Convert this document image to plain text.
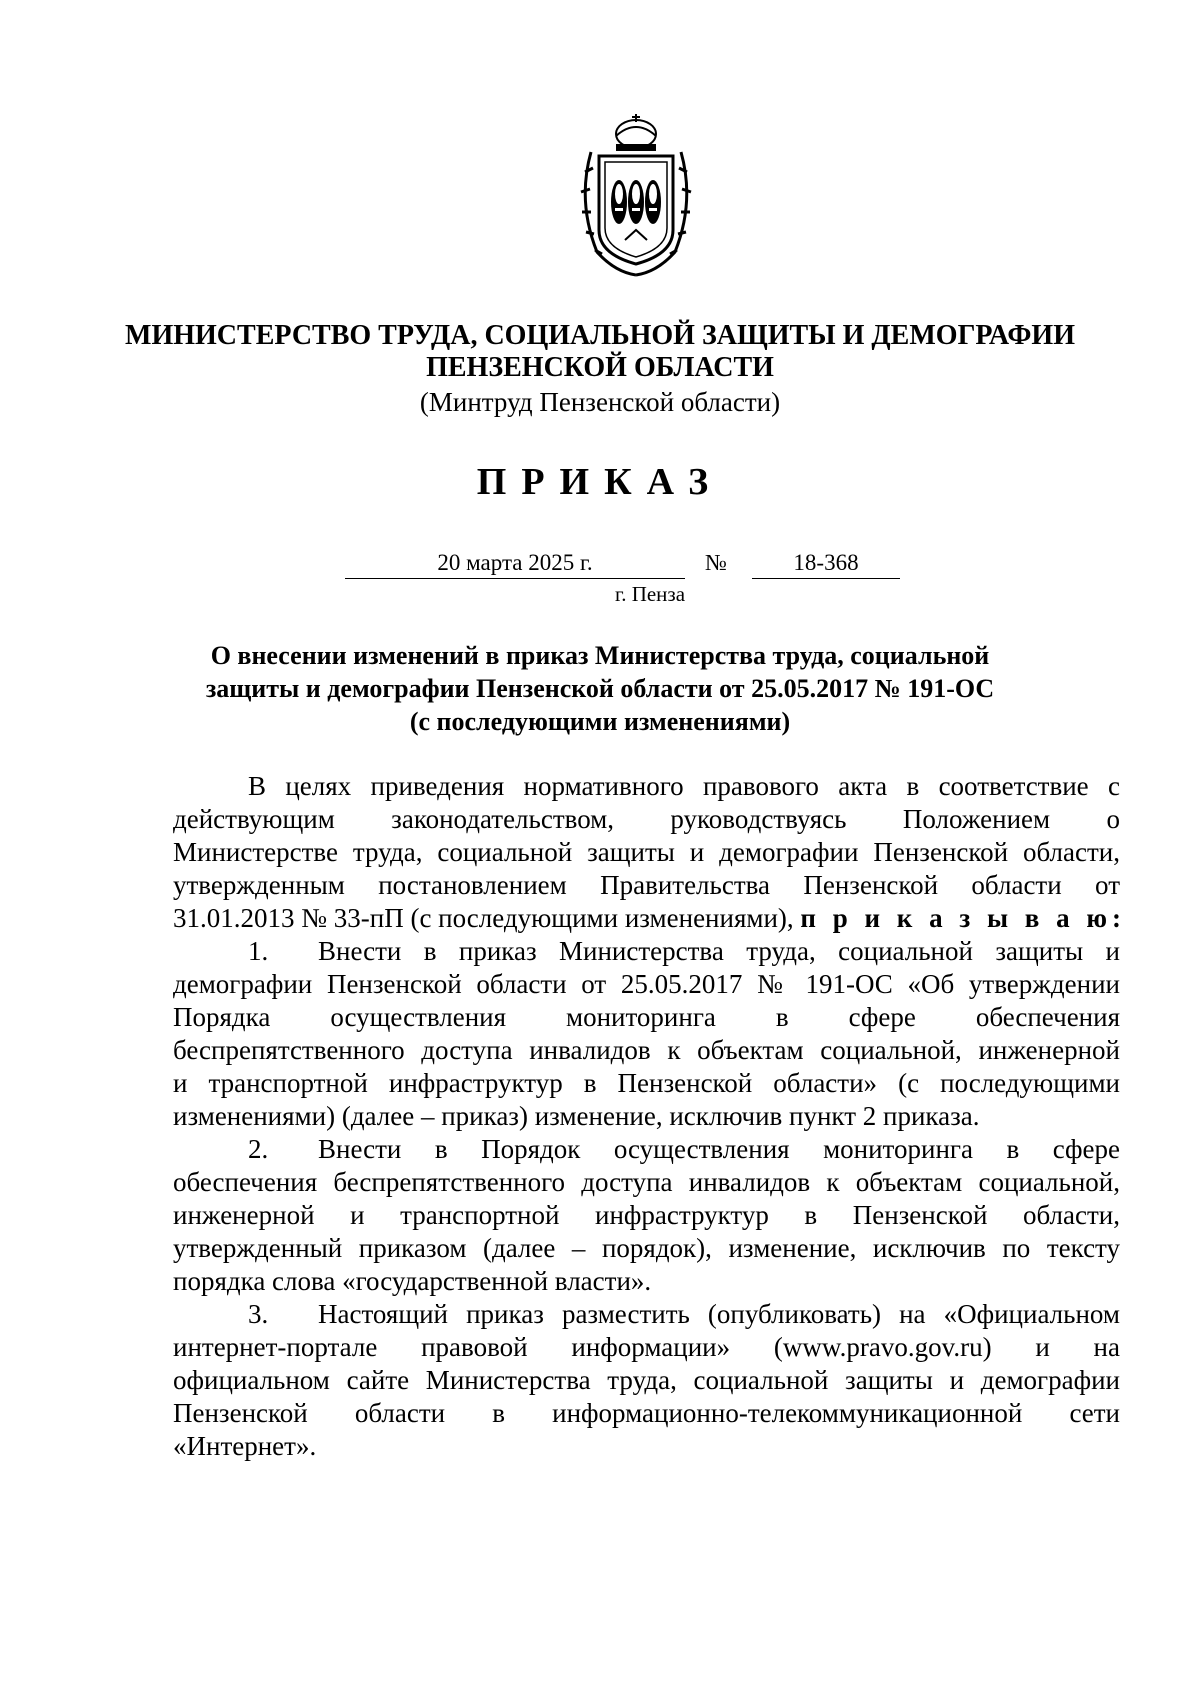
МИНИСТЕРСТВО ТРУДА, СОЦИАЛЬНОЙ ЗАЩИТЫ И ДЕМОГРАФИИ
ПЕНЗЕНСКОЙ ОБЛАСТИ
(Минтруд Пензенской области)
ПРИКАЗ
20 марта 2025 г.	№	18-368
г. Пенза
О внесении изменений в приказ Министерства труда, социальной
защиты и демографии Пензенской области от 25.05.2017 № 191-ОС
(с последующими изменениями)
В целях приведения нормативного правового акта в соответствие с
действующим законодательством, руководствуясь Положением о
Министерстве труда, социальной защиты и демографии Пензенской области,
утвержденным постановлением Правительства Пензенской области от
31.01.2013 № 33-пП (с последующими изменениями), п р и к а з ы в а ю:
1. Внести в приказ Министерства труда, социальной защиты и
демографии Пензенской области от 25.05.2017 № 191-ОС «Об утверждении
Порядка осуществления мониторинга в сфере обеспечения
беспрепятственного доступа инвалидов к объектам социальной, инженерной
и транспортной инфраструктур в Пензенской области» (с последующими
изменениями) (далее – приказ) изменение, исключив пункт 2 приказа.
2. Внести в Порядок осуществления мониторинга в сфере
обеспечения беспрепятственного доступа инвалидов к объектам социальной,
инженерной и транспортной инфраструктур в Пензенской области,
утвержденный приказом (далее – порядок), изменение, исключив по тексту
порядка слова «государственной власти».
3. Настоящий приказ разместить (опубликовать) на «Официальном
интернет-портале правовой информации» (www.pravo.gov.ru) и на
официальном сайте Министерства труда, социальной защиты и демографии
Пензенской области в информационно-телекоммуникационной сети
«Интернет».
